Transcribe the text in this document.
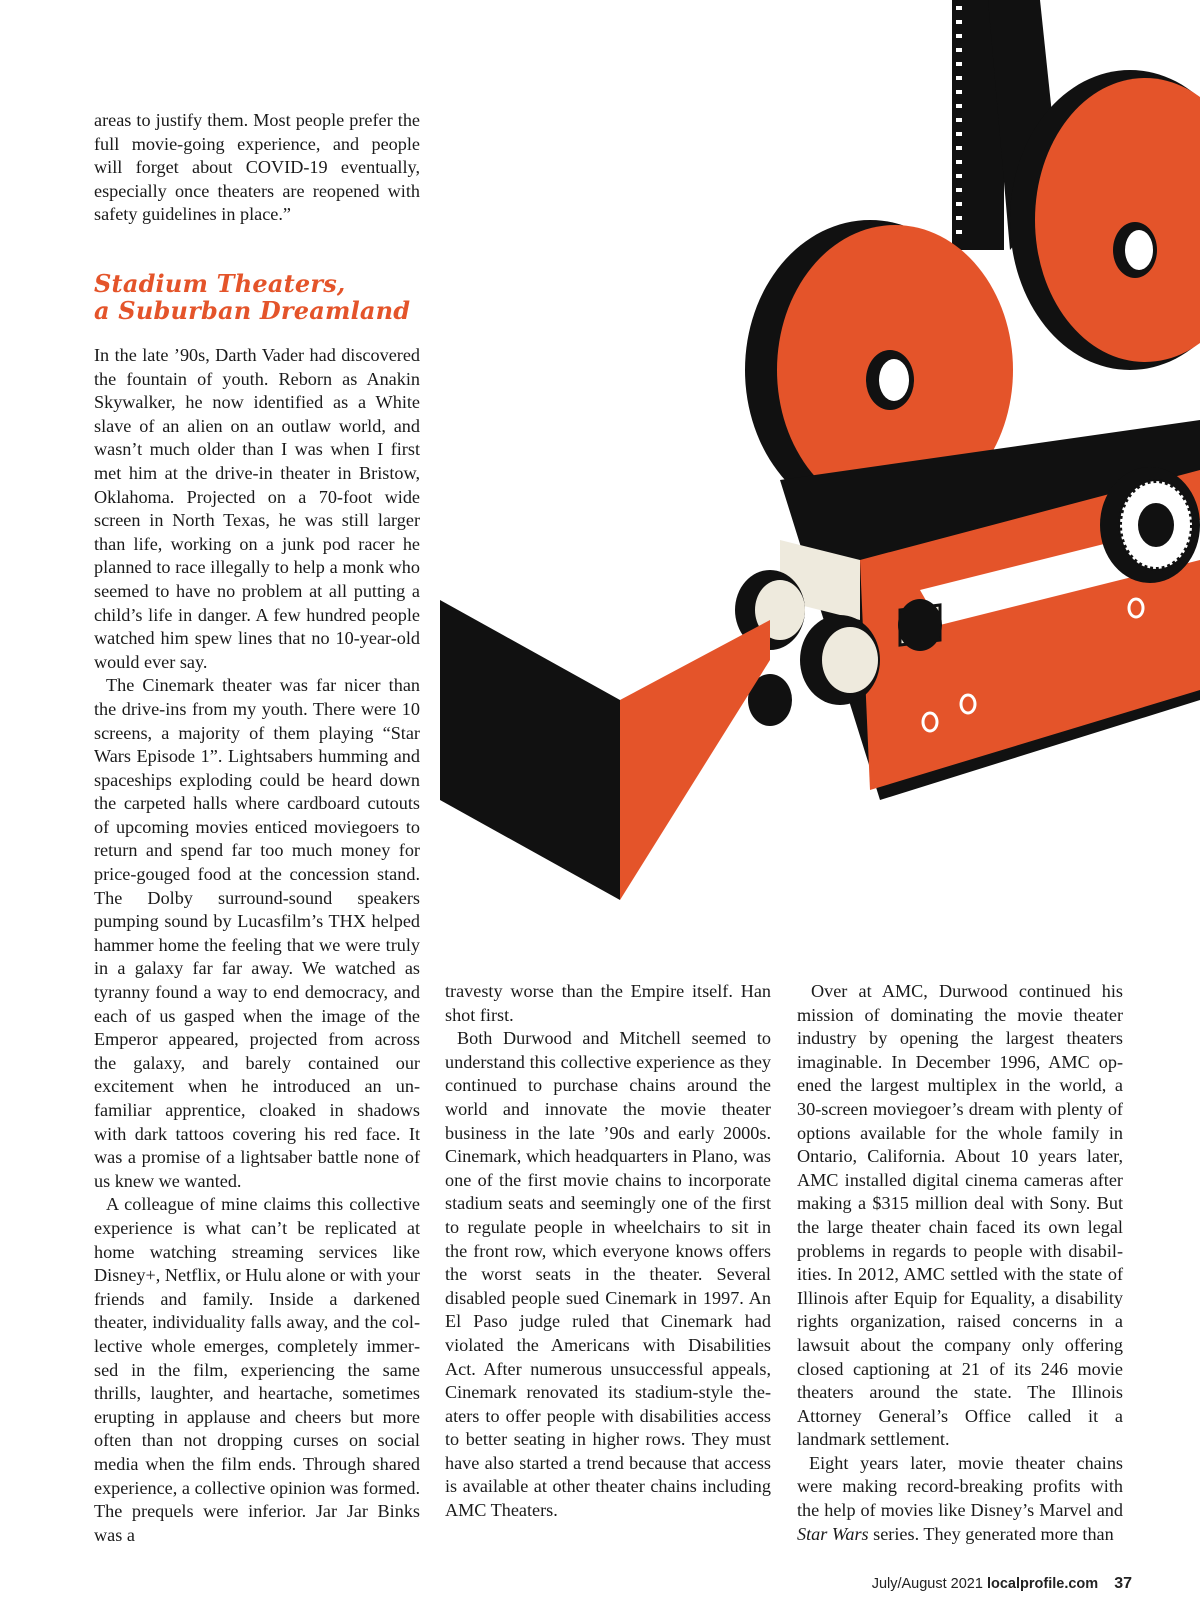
areas to justify them. Most people prefer the full movie-going experience, and people will forget about COVID-19 eventually, especially once theaters are reopened with safety guidelines in place.”

Stadium Theaters,
a Suburban Dreamland

In the late ’90s, Darth Vader had discovered the fountain of youth. Reborn as Anakin Skywalker, he now identified as a White slave of an alien on an outlaw world, and wasn’t much older than I was when I first met him at the drive-in theater in Bristow, Oklahoma. Projected on a 70-foot wide screen in North Texas, he was still larger than life, working on a junk pod racer he planned to race illegally to help a monk who seemed to have no problem at all putting a child’s life in danger. A few hundred people watched him spew lines that no 10-year-old would ever say.

The Cinemark theater was far nicer than the drive-ins from my youth. There were 10 screens, a majority of them playing “Star Wars Episode 1”. Lightsabers humming and spaceships exploding could be heard down the carpeted halls where cardboard cutouts of upcoming movies enticed moviegoers to return and spend far too much money for price-gouged food at the concession stand. The Dolby surround-sound speakers pumping sound by Lucasfilm’s THX helped hammer home the feeling that we were truly in a galaxy far far away. We watched as tyranny found a way to end democracy, and each of us gasped when the image of the Emperor appeared, projected from across the galaxy, and barely contained our excitement when he introduced an unfamiliar apprentice, cloaked in shadows with dark tattoos covering his red face. It was a promise of a lightsaber battle none of us knew we wanted.

A colleague of mine claims this collective experience is what can’t be replicated at home watching streaming services like Disney+, Netflix, or Hulu alone or with your friends and family. Inside a darkened theater, individuality falls away, and the collective whole emerges, completely immersed in the film, experiencing the same thrills, laughter, and heartache, sometimes erupting in applause and cheers but more often than not dropping curses on social media when the film ends. Through shared experience, a collective opinion was formed. The prequels were inferior. Jar Jar Binks was a

travesty worse than the Empire itself. Han shot first.

Both Durwood and Mitchell seemed to understand this collective experience as they continued to purchase chains around the world and innovate the movie theater business in the late ’90s and early 2000s. Cinemark, which headquarters in Plano, was one of the first movie chains to incorporate stadium seats and seemingly one of the first to regulate people in wheelchairs to sit in the front row, which everyone knows offers the worst seats in the theater. Several disabled people sued Cinemark in 1997. An El Paso judge ruled that Cinemark had violated the Americans with Disabilities Act. After numerous unsuccessful appeals, Cinemark renovated its stadium-style theaters to offer people with disabilities access to better seating in higher rows. They must have also started a trend because that access is available at other theater chains including AMC Theaters.

Over at AMC, Durwood continued his mission of dominating the movie theater industry by opening the largest theaters imaginable. In December 1996, AMC opened the largest multiplex in the world, a 30-screen moviegoer’s dream with plenty of options available for the whole family in Ontario, California. About 10 years later, AMC installed digital cinema cameras after making a $315 million deal with Sony. But the large theater chain faced its own legal problems in regards to people with disabilities. In 2012, AMC settled with the state of Illinois after Equip for Equality, a disability rights organization, raised concerns in a lawsuit about the company only offering closed captioning at 21 of its 246 movie theaters around the state. The Illinois Attorney General’s Office called it a landmark settlement.

Eight years later, movie theater chains were making record-breaking profits with the help of movies like Disney’s Marvel and Star Wars series. They generated more than

July/August 2021 localprofile.com 37
